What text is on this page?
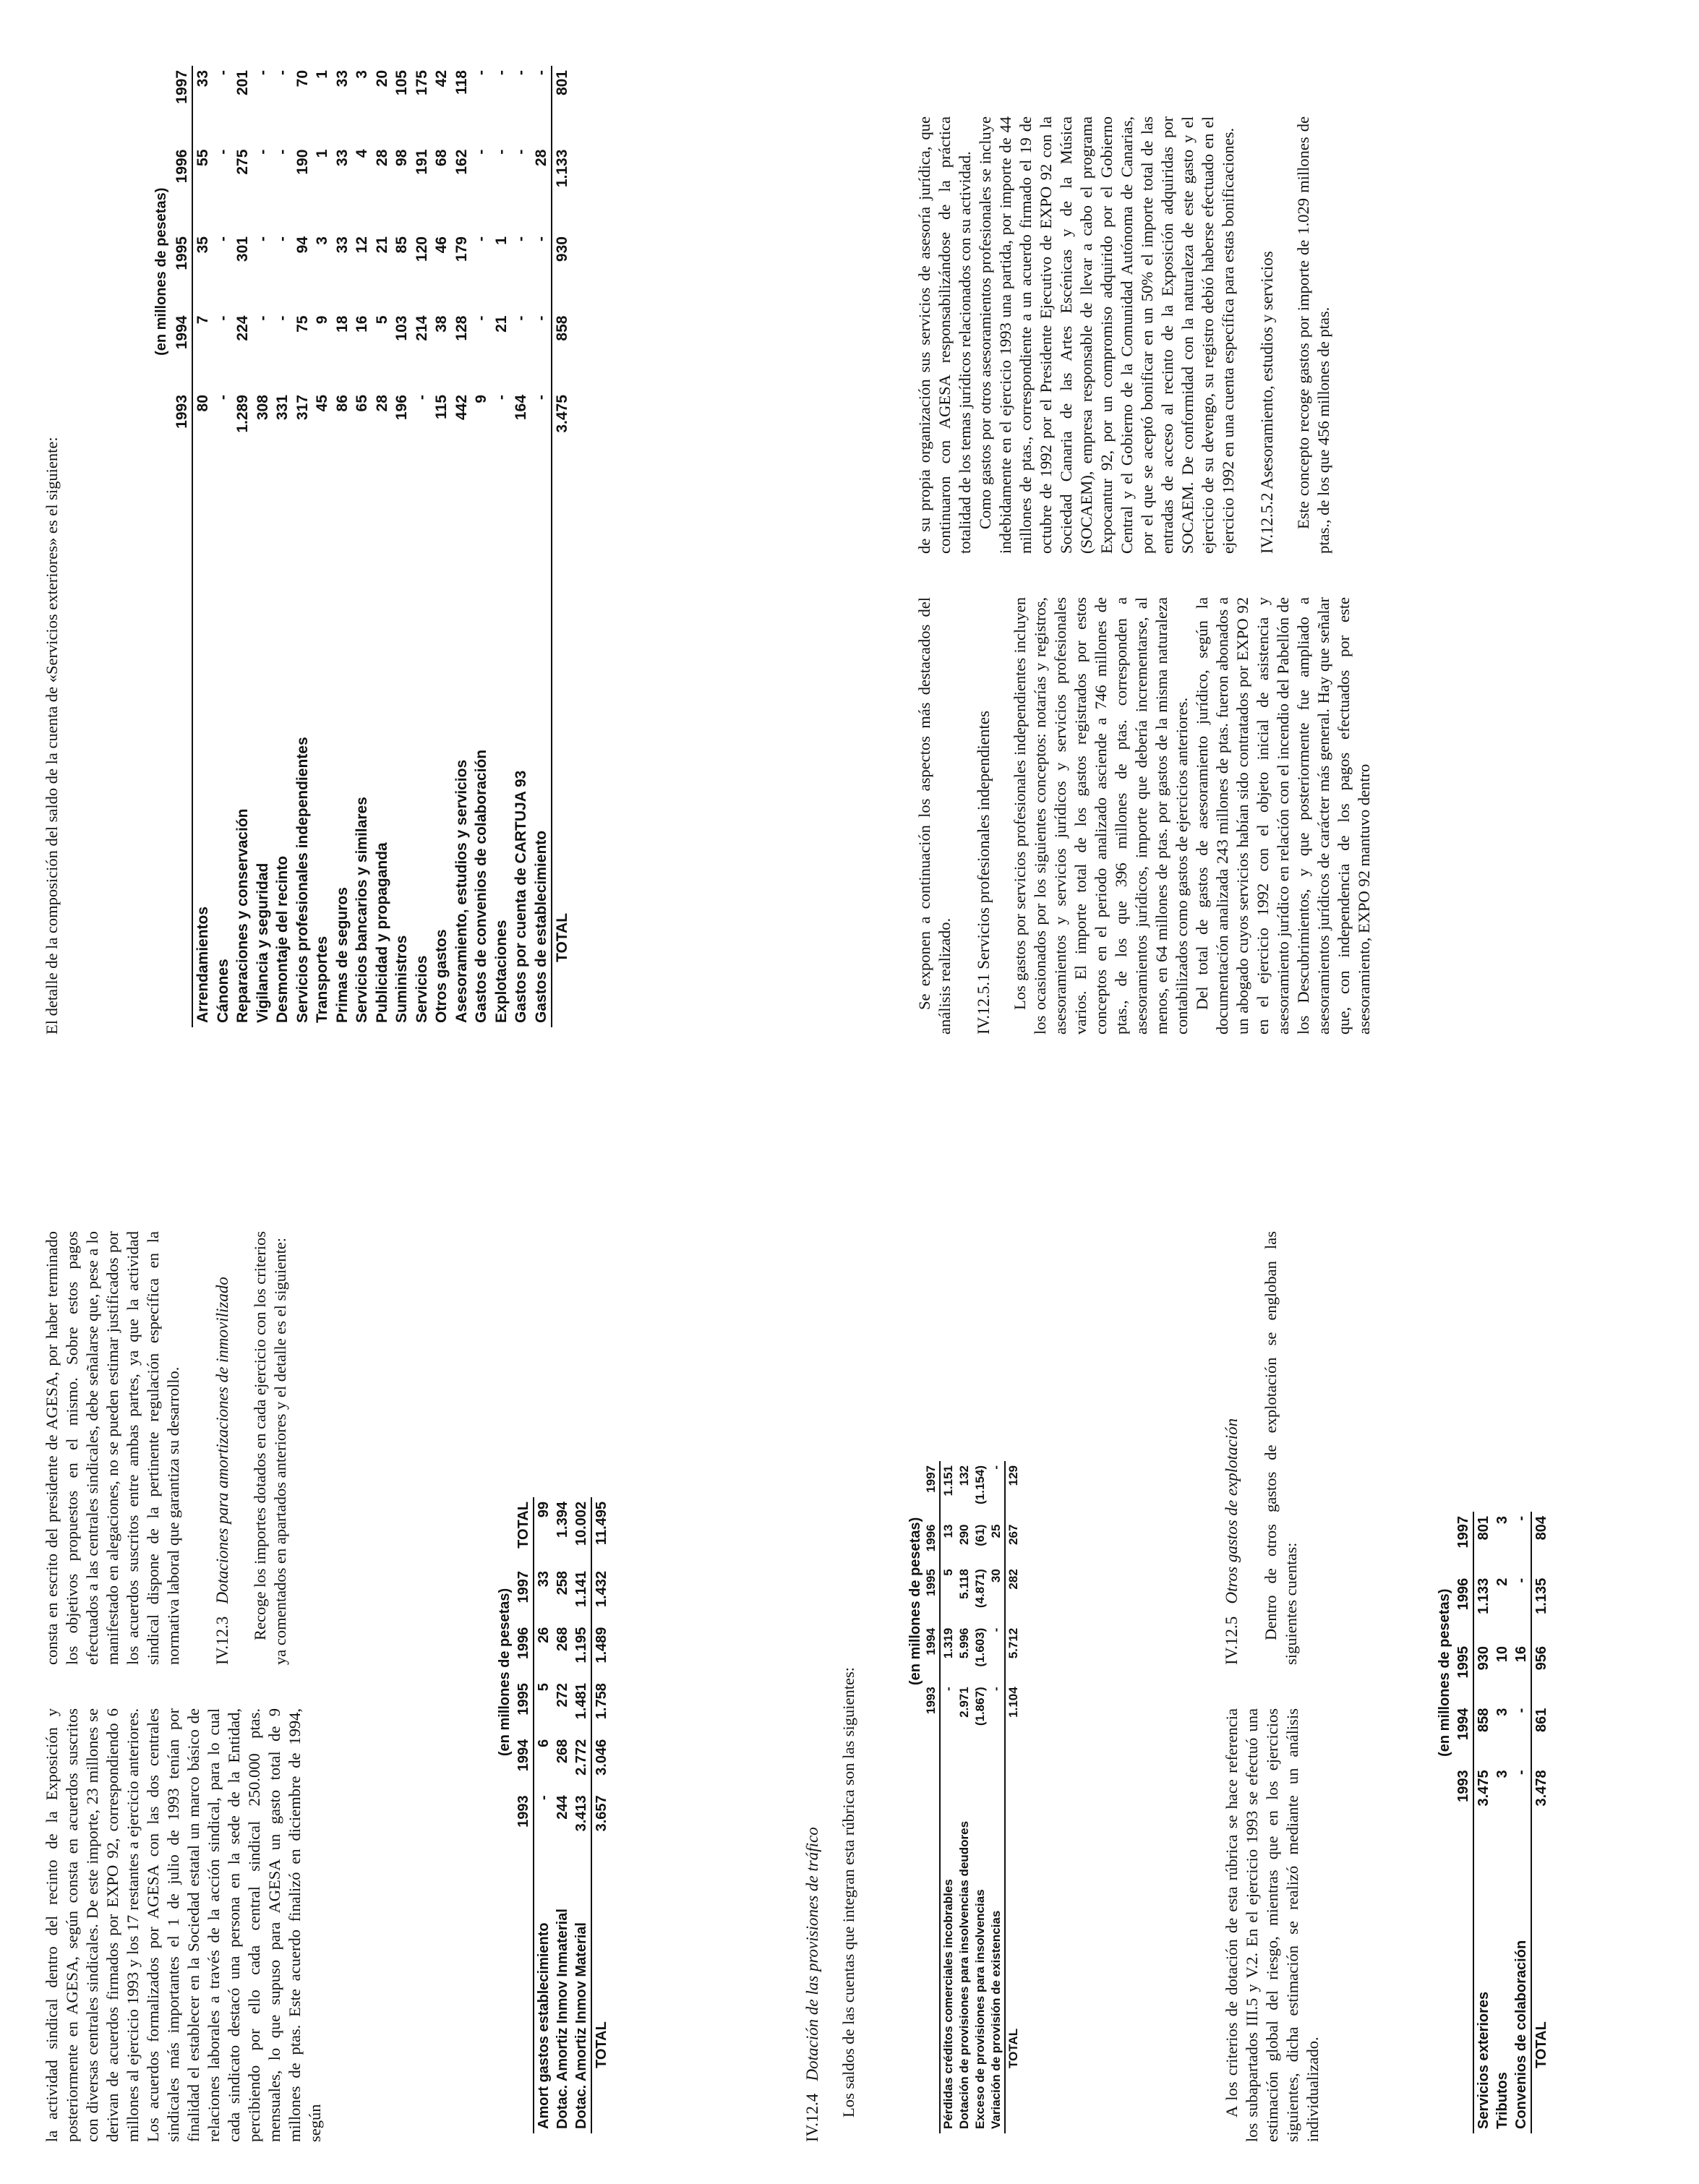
la actividad sindical dentro del recinto de la Exposición y posteriormente en AGESA, según consta en acuerdos suscritos con diversas centrales sindicales. De este importe, 23 millones se derivan de acuerdos firmados por EXPO 92, correspondiendo 6 millones al ejercicio 1993 y los 17 restantes a ejercicio anteriores. Los acuerdos formalizados por AGESA con las dos centrales sindicales más importantes el 1 de julio de 1993 tenían por finalidad el establecer en la Sociedad estatal un marco básico de relaciones laborales a través de la acción sindical, para lo cual cada sindicato destacó una persona en la sede de la Entidad, percibiendo por ello cada central sindical 250.000 ptas. mensuales, lo que supuso para AGESA un gasto total de 9 millones de ptas. Este acuerdo finalizó en diciembre de 1994, según

	(en millones de pesetas)					
	1993	1994	1995	1996	1997	TOTAL
Amort gastos establecimiento	-	6	5	26	33	99
Dotac. Amortiz Inmov Inmaterial	244	268	272	268	258	1.394
Dotac. Amortiz Inmov Material	3.413	2.772	1.481	1.195	1.141	10.002
TOTAL	3.657	3.046	1.758	1.489	1.432	11.495

IV.12.4   Dotación de las provisiones de tráfico Los saldos de las cuentas que integran esta rúbrica son las siguientes:

	(en millones de pesetas)				
	1993	1994	1995	1996	1997
Pérdidas créditos comerciales incobrables	-	1.319	5	13	1.151
Dotación de provisiones para insolvencias deudores	2.971	5.996	5.118	290	132
Exceso de provisiones para insolvencias	(1.867)	(1.603)	(4.871)	(61)	(1.154)
Variación de provisión de existencias	-	-	30	25	-
TOTAL	1.104	5.712	282	267	129

A los criterios de dotación de esta rúbrica se hace referencia los subapartados III.5 y V.2. En el ejercicio 1993 se efectuó una estimación global del riesgo, mientras que en los ejercicios siguientes, dicha estimación se realizó mediante un análisis individualizado.

	(en millones de pesetas)				
	1993	1994	1995	1996	1997
Servicios exteriores	3.475	858	930	1.133	801
Tributos	3	3	10	2	3
Convenios de colaboración	-	-	16	-	-
TOTAL	3.478	861	956	1.135	804

consta en escrito del presidente de AGESA, por haber terminado los objetivos propuestos en el mismo. Sobre estos pagos efectuados a las centrales sindicales, debe señalarse que, pese a lo manifestado en alegaciones, no se pueden estimar justificados por los acuerdos suscritos entre ambas partes, ya que la actividad sindical dispone de la pertinente regulación específica en la normativa laboral que garantiza su desarrollo. IV.12.3   Dotaciones para amortizaciones de inmovilizado Recoge los importes dotados en cada ejercicio con los criterios ya comentados en apartados anteriores y el detalle es el siguiente:	IV.12.5   Otros gastos de explotación Dentro de otros gastos de explotación se engloban las siguientes cuentas:

El detalle de la composición del saldo de la cuenta de «Servicios exteriores» es el siguiente:

	(en millones de pesetas)				
	1993	1994	1995	1996	1997
Arrendamientos	80	7	35	55	33
Cánones	-	-	-	-	-
Reparaciones y conservación	1.289	224	301	275	201
Vigilancia y seguridad	308	-	-	-	-
Desmontaje del recinto	331	-	-	-	-
Servicios profesionales independientes	317	75	94	190	70
Transportes	45	9	3	1	1
Primas de seguros	86	18	33	33	33
Servicios bancarios y similares	65	16	12	4	3
Publicidad y propaganda	28	5	21	28	20
Suministros	196	103	85	98	105
Servicios	-	214	120	191	175
Otros gastos	115	38	46	68	42
Asesoramiento, estudios y servicios	442	128	179	162	118
Gastos de convenios de colaboración	9	-	-	-	-
Explotaciones	-	21	1	-	-
Gastos por cuenta de CARTUJA 93	164	-	-	-	-
Gastos de establecimiento	-	-	-	28	-
TOTAL	3.475	858	930	1.133	801

Se exponen a continuación los aspectos más destacados del análisis realizado. IV.12.5.1 Servicios profesionales independientes Los gastos por servicios profesionales independientes incluyen los ocasionados por los siguientes conceptos: notarías y registros, asesoramientos y servicios jurídicos y servicios profesionales varios. El importe total de los gastos registrados por estos conceptos en el periodo analizado asciende a 746 millones de ptas., de los que 396 millones de ptas. corresponden a asesoramientos jurídicos, importe que debería incrementarse, al menos, en 64 millones de ptas. por gastos de la misma naturaleza contabilizados como gastos de ejercicios anteriores. Del total de gastos de asesoramiento jurídico, según la documentación analizada 243 millones de ptas. fueron abonados a un abogado cuyos servicios habían sido contratados por EXPO 92 en el ejercicio 1992 con el objeto inicial de asistencia y asesoramiento jurídico en relación con el incendio del Pabellón de los Descubrimientos, y que posteriormente fue ampliado a asesoramientos jurídicos de carácter más general. Hay que señalar que, con independencia de los pagos efectuados por este asesoramiento, EXPO 92 mantuvo dentro

de su propia organización sus servicios de asesoría jurídica, que continuaron con AGESA responsabilizándose de la práctica totalidad de los temas jurídicos relacionados con su actividad. Como gastos por otros asesoramientos profesionales se incluye indebidamente en el ejercicio 1993 una partida, por importe de 44 millones de ptas., correspondiente a un acuerdo firmado el 19 de octubre de 1992 por el Presidente Ejecutivo de EXPO 92 con la Sociedad Canaria de las Artes Escénicas y de la Música (SOCAEM), empresa responsable de llevar a cabo el programa Expocantur 92, por un compromiso adquirido por el Gobierno Central y el Gobierno de la Comunidad Autónoma de Canarias, por el que se aceptó bonificar en un 50% el importe total de las entradas de acceso al recinto de la Exposición adquiridas por SOCAEM. De conformidad con la naturaleza de este gasto y el ejercicio de su devengo, su registro debió haberse efectuado en el ejercicio 1992 en una cuenta específica para estas bonificaciones. IV.12.5.2 Asesoramiento, estudios y servicios Este concepto recoge gastos por importe de 1.029 millones de ptas., de los que 456 millones de ptas.
